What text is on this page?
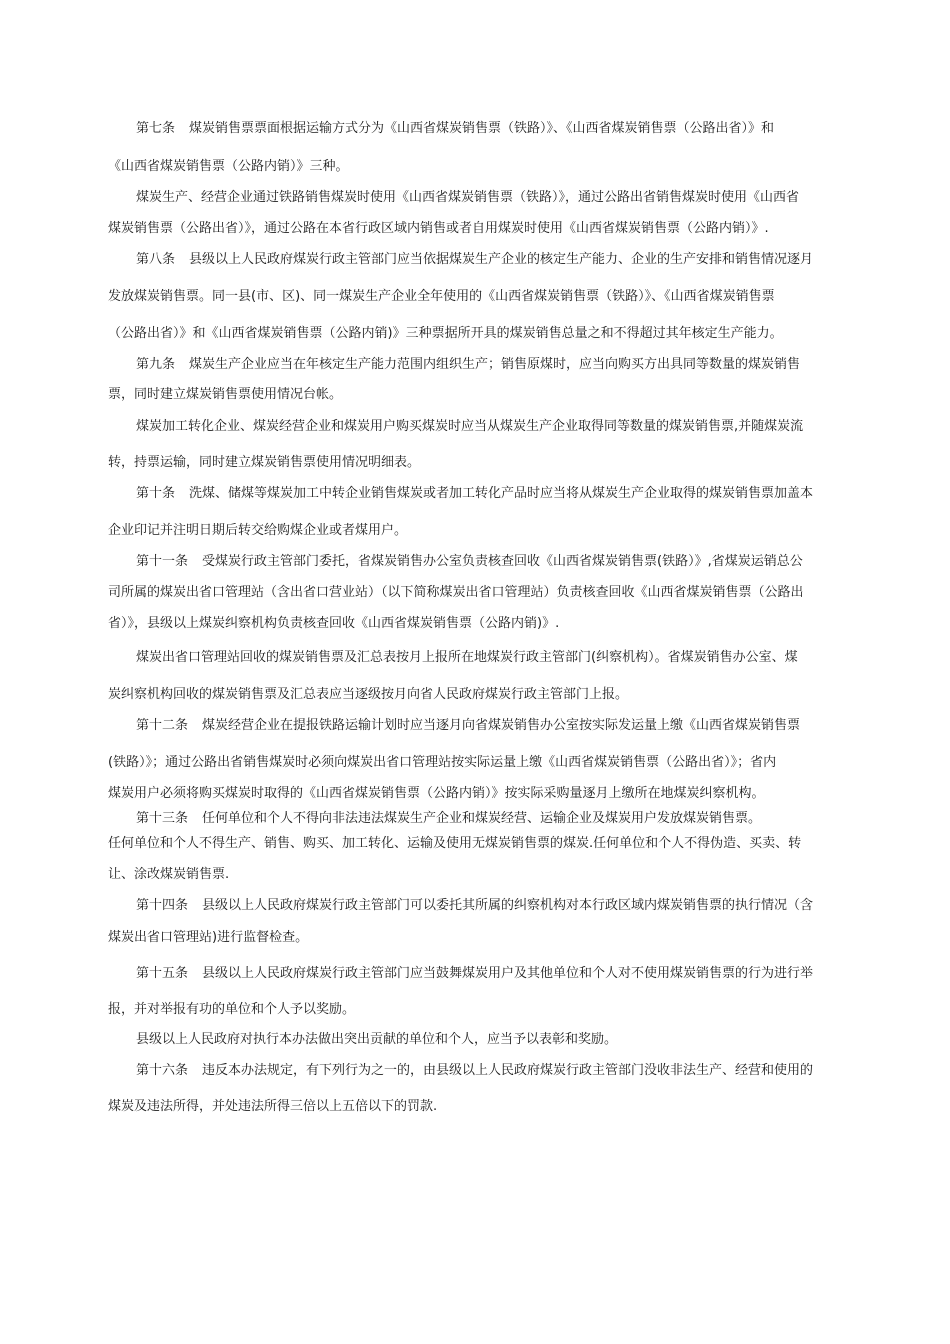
第七条 煤炭销售票票面根据运输方式分为《山西省煤炭销售票（铁路）》、《山西省煤炭销售票（公路出省）》和
《山西省煤炭销售票（公路内销）》三种。
煤炭生产、经营企业通过铁路销售煤炭时使用《山西省煤炭销售票（铁路）》，通过公路出省销售煤炭时使用《山西省
煤炭销售票（公路出省）》，通过公路在本省行政区域内销售或者自用煤炭时使用《山西省煤炭销售票（公路内销）》.
第八条 县级以上人民政府煤炭行政主管部门应当依据煤炭生产企业的核定生产能力、企业的生产安排和销售情况逐月
发放煤炭销售票。同一县(市、区)、同一煤炭生产企业全年使用的《山西省煤炭销售票（铁路）》、《山西省煤炭销售票
（公路出省）》和《山西省煤炭销售票（公路内销)》三种票据所开具的煤炭销售总量之和不得超过其年核定生产能力。
第九条 煤炭生产企业应当在年核定生产能力范围内组织生产；销售原煤时，应当向购买方出具同等数量的煤炭销售
票，同时建立煤炭销售票使用情况台帐。
煤炭加工转化企业、煤炭经营企业和煤炭用户购买煤炭时应当从煤炭生产企业取得同等数量的煤炭销售票,并随煤炭流
转，持票运输，同时建立煤炭销售票使用情况明细表。
第十条 洗煤、储煤等煤炭加工中转企业销售煤炭或者加工转化产品时应当将从煤炭生产企业取得的煤炭销售票加盖本
企业印记并注明日期后转交给购煤企业或者煤用户。
第十一条 受煤炭行政主管部门委托，省煤炭销售办公室负责核查回收《山西省煤炭销售票(铁路）》,省煤炭运销总公
司所属的煤炭出省口管理站（含出省口营业站）（以下简称煤炭出省口管理站）负责核查回收《山西省煤炭销售票（公路出
省）》，县级以上煤炭纠察机构负责核查回收《山西省煤炭销售票（公路内销)》.
煤炭出省口管理站回收的煤炭销售票及汇总表按月上报所在地煤炭行政主管部门(纠察机构）。省煤炭销售办公室、煤
炭纠察机构回收的煤炭销售票及汇总表应当逐级按月向省人民政府煤炭行政主管部门上报。
第十二条 煤炭经营企业在提报铁路运输计划时应当逐月向省煤炭销售办公室按实际发运量上缴《山西省煤炭销售票
(铁路）》；通过公路出省销售煤炭时必须向煤炭出省口管理站按实际运量上缴《山西省煤炭销售票（公路出省）》；省内
煤炭用户必须将购买煤炭时取得的《山西省煤炭销售票（公路内销）》按实际采购量逐月上缴所在地煤炭纠察机构。
第十三条 任何单位和个人不得向非法违法煤炭生产企业和煤炭经营、运输企业及煤炭用户发放煤炭销售票。
任何单位和个人不得生产、销售、购买、加工转化、运输及使用无煤炭销售票的煤炭.任何单位和个人不得伪造、买卖、转
让、涂改煤炭销售票.
第十四条 县级以上人民政府煤炭行政主管部门可以委托其所属的纠察机构对本行政区域内煤炭销售票的执行情况（含
煤炭出省口管理站)进行监督检查。
第十五条 县级以上人民政府煤炭行政主管部门应当鼓舞煤炭用户及其他单位和个人对不使用煤炭销售票的行为进行举
报，并对举报有功的单位和个人予以奖励。
县级以上人民政府对执行本办法做出突出贡献的单位和个人，应当予以表彰和奖励。
第十六条 违反本办法规定，有下列行为之一的，由县级以上人民政府煤炭行政主管部门没收非法生产、经营和使用的
煤炭及违法所得，并处违法所得三倍以上五倍以下的罚款.
